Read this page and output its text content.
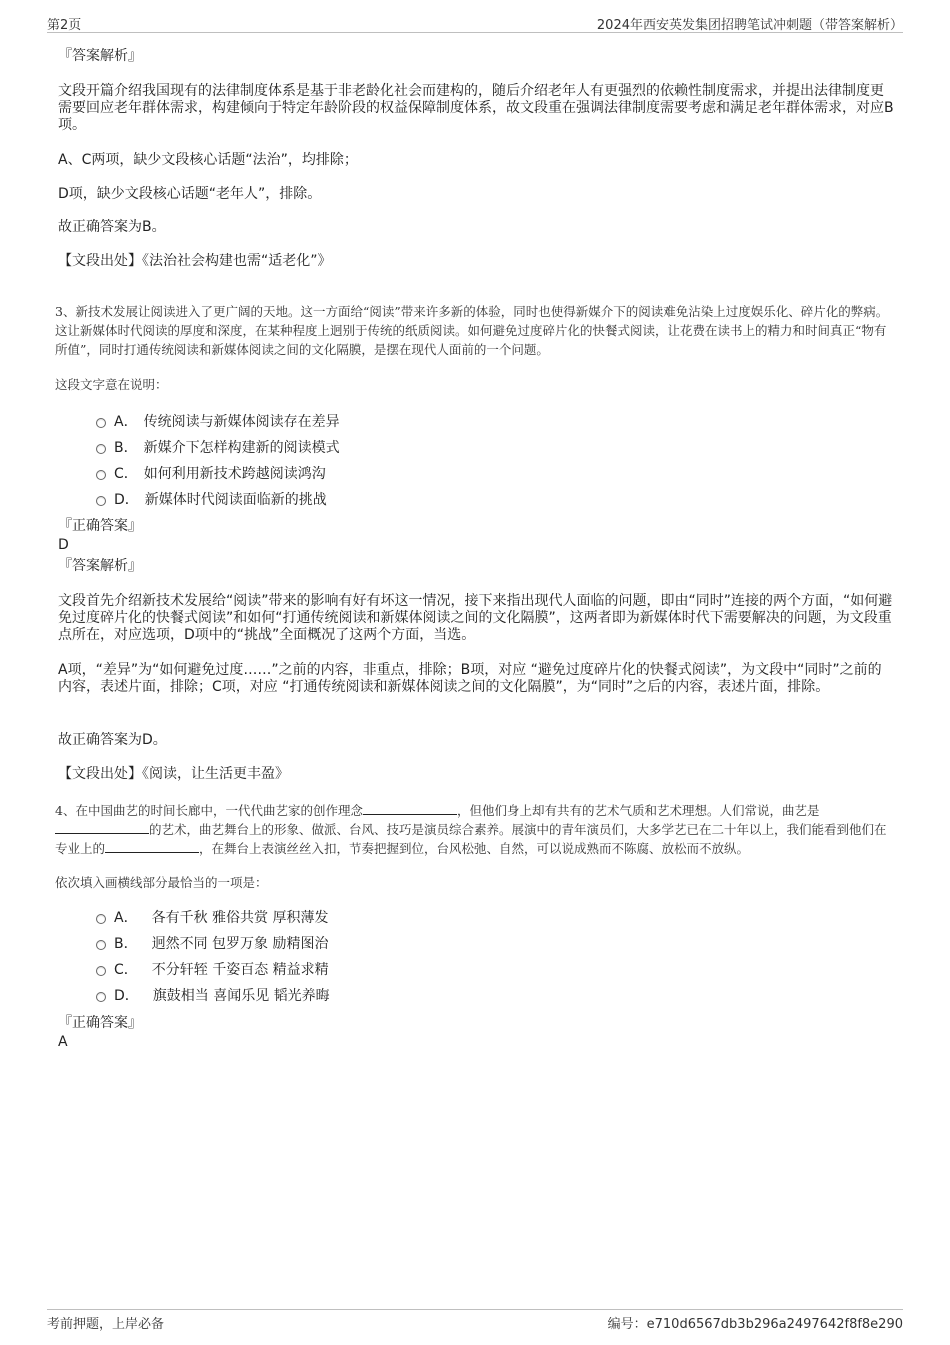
第2页	2024年西安英发集团招聘笔试冲刺题（带答案解析）
『答案解析』
文段开篇介绍我国现有的法律制度体系是基于非老龄化社会而建构的，随后介绍老年人有更强烈的依赖性制度需求，并提出法律制度更需要回应老年群体需求，构建倾向于特定年龄阶段的权益保障制度体系，故文段重在强调法律制度需要考虑和满足老年群体需求，对应B项。
A、C两项，缺少文段核心话题“法治”，均排除；
D项，缺少文段核心话题“老年人”，排除。
故正确答案为B。
【文段出处】《法治社会构建也需“适老化”》
3、新技术发展让阅读进入了更广阔的天地。这一方面给“阅读”带来许多新的体验，同时也使得新媒介下的阅读难免沾染上过度娱乐化、碎片化的弊病。这让新媒体时代阅读的厚度和深度，在某种程度上迥别于传统的纸质阅读。如何避免过度碎片化的快餐式阅读，让花费在读书上的精力和时间真正“物有所值”，同时打通传统阅读和新媒体阅读之间的文化隔膜，是摆在现代人面前的一个问题。
这段文字意在说明：
A． 传统阅读与新媒体阅读存在差异
B． 新媒介下怎样构建新的阅读模式
C． 如何利用新技术跨越阅读鸿沟
D． 新媒体时代阅读面临新的挑战
『正确答案』
D
『答案解析』
文段首先介绍新技术发展给“阅读”带来的影响有好有坏这一情况，接下来指出现代人面临的问题，即由“同时”连接的两个方面，“如何避免过度碎片化的快餐式阅读”和如何“打通传统阅读和新媒体阅读之间的文化隔膜”，这两者即为新媒体时代下需要解决的问题，为文段重点所在，对应选项，D项中的“挑战”全面概况了这两个方面，当选。
A项，“差异”为“如何避免过度……”之前的内容，非重点，排除；B项，对应 “避免过度碎片化的快餐式阅读”，为文段中“同时”之前的内容，表述片面，排除；C项，对应 “打通传统阅读和新媒体阅读之间的文化隔膜”，为“同时”之后的内容，表述片面，排除。
故正确答案为D。
【文段出处】《阅读，让生活更丰盈》
4、在中国曲艺的时间长廊中，一代代曲艺家的创作理念	，但他们身上却有共有的艺术气质和艺术理想。人们常说，曲艺是的艺术，曲艺舞台上的形象、做派、台风、技巧是演员综合素养。展演中的青年演员们，大多学艺已在二十年以上，我们能看到他们在专业上的	，在舞台上表演丝丝入扣，节奏把握到位，台风松弛、自然，可以说成熟而不陈腐、放松而不放纵。
依次填入画横线部分最恰当的一项是：
A． 各有千秋 雅俗共赏 厚积薄发
B． 迥然不同 包罗万象 励精图治
C． 不分轩轾 千姿百态 精益求精
D． 旗鼓相当 喜闻乐见 韬光养晦
『正确答案』
A
考前押题，上岸必备	编号：e710d6567db3b296a2497642f8f8e290
